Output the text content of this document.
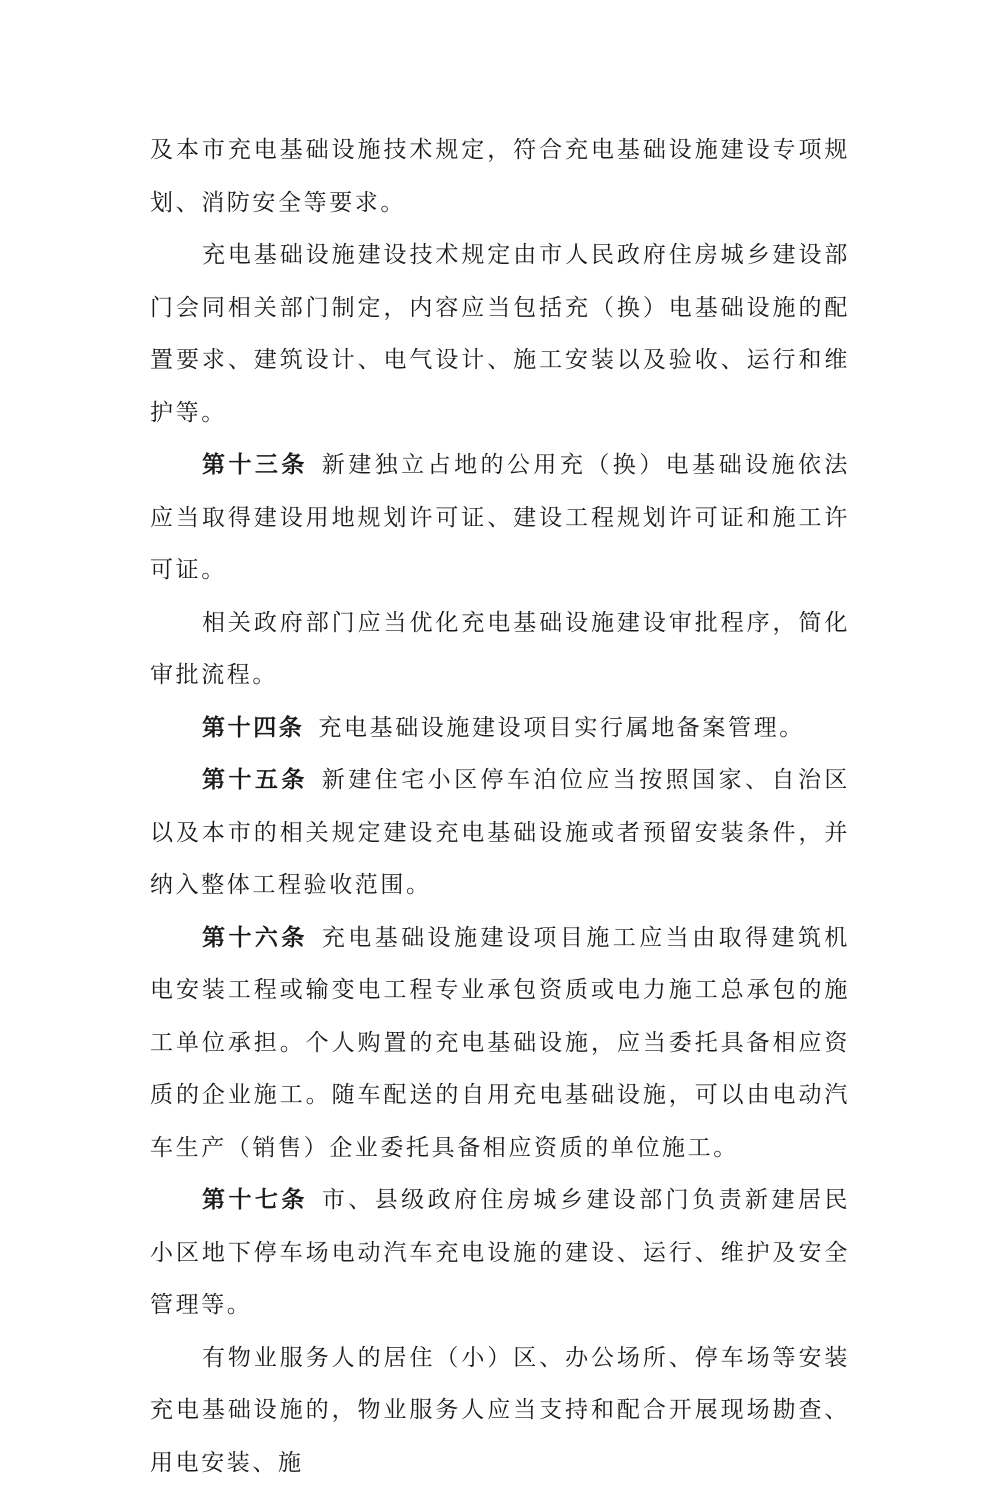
及本市充电基础设施技术规定，符合充电基础设施建设专项规划、消防安全等要求。

充电基础设施建设技术规定由市人民政府住房城乡建设部门会同相关部门制定，内容应当包括充（换）电基础设施的配置要求、建筑设计、电气设计、施工安装以及验收、运行和维护等。

第十三条 新建独立占地的公用充（换）电基础设施依法应当取得建设用地规划许可证、建设工程规划许可证和施工许可证。

相关政府部门应当优化充电基础设施建设审批程序，简化审批流程。

第十四条 充电基础设施建设项目实行属地备案管理。

第十五条 新建住宅小区停车泊位应当按照国家、自治区以及本市的相关规定建设充电基础设施或者预留安装条件，并纳入整体工程验收范围。

第十六条 充电基础设施建设项目施工应当由取得建筑机电安装工程或输变电工程专业承包资质或电力施工总承包的施工单位承担。个人购置的充电基础设施，应当委托具备相应资质的企业施工。随车配送的自用充电基础设施，可以由电动汽车生产（销售）企业委托具备相应资质的单位施工。

第十七条 市、县级政府住房城乡建设部门负责新建居民小区地下停车场电动汽车充电设施的建设、运行、维护及安全管理等。

有物业服务人的居住（小）区、办公场所、停车场等安装充电基础设施的，物业服务人应当支持和配合开展现场勘查、用电安装、施
